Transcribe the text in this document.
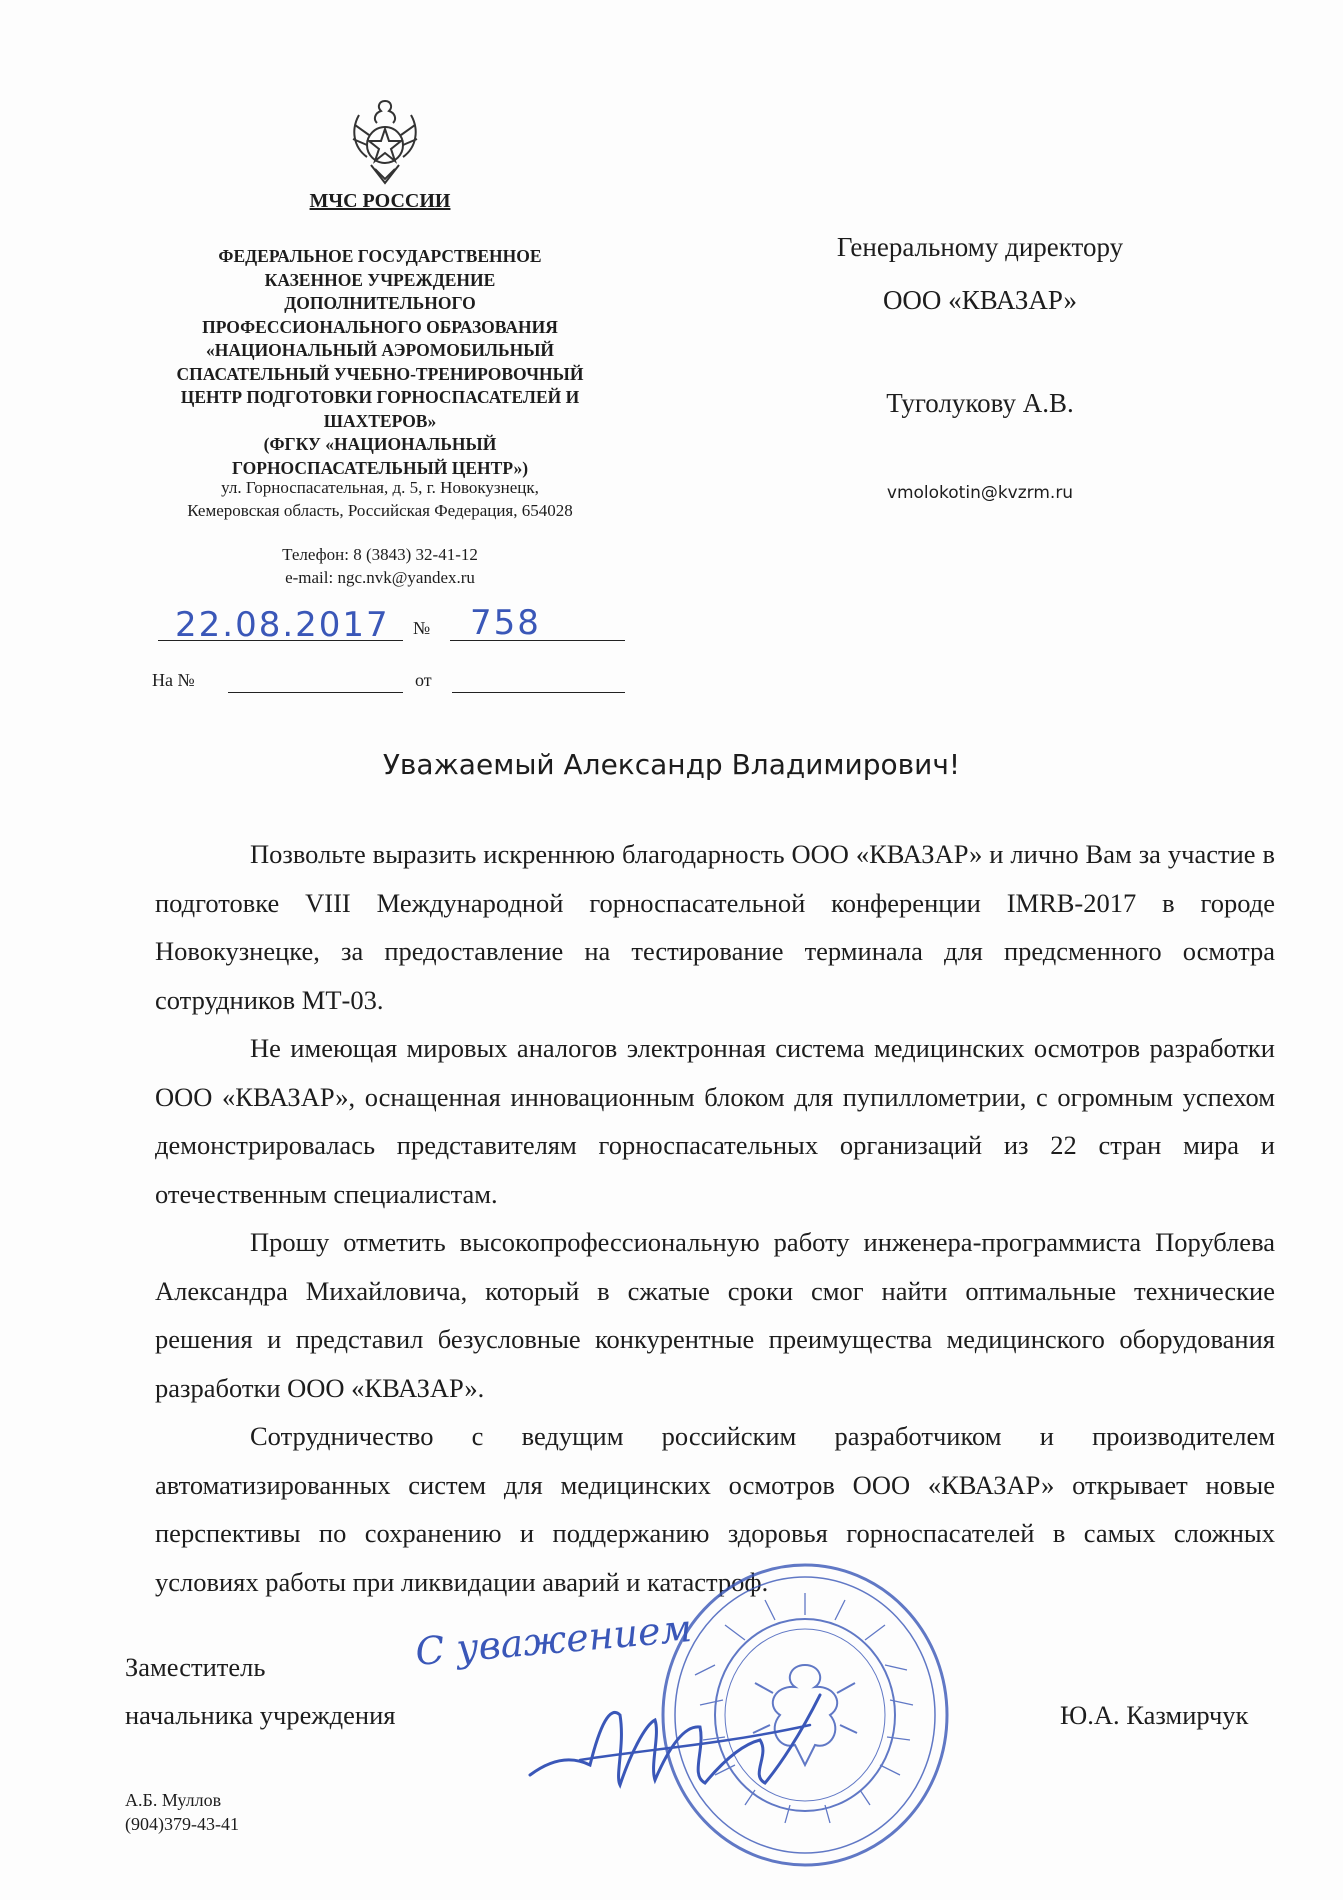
МЧС РОССИИ
ФЕДЕРАЛЬНОЕ ГОСУДАРСТВЕННОЕ
КАЗЕННОЕ УЧРЕЖДЕНИЕ
ДОПОЛНИТЕЛЬНОГО
ПРОФЕССИОНАЛЬНОГО ОБРАЗОВАНИЯ
«НАЦИОНАЛЬНЫЙ АЭРОМОБИЛЬНЫЙ
СПАСАТЕЛЬНЫЙ УЧЕБНО-ТРЕНИРОВОЧНЫЙ
ЦЕНТР ПОДГОТОВКИ ГОРНОСПАСАТЕЛЕЙ И
ШАХТЕРОВ»
(ФГКУ «НАЦИОНАЛЬНЫЙ
ГОРНОСПАСАТЕЛЬНЫЙ ЦЕНТР»)
ул. Горноспасательная, д. 5, г. Новокузнецк,
Кемеровская область, Российская Федерация, 654028
Телефон: 8 (3843) 32-41-12
e-mail: ngc.nvk@yandex.ru
22.08.2017 № 758
На №	от
Генеральному директору
ООО «КВАЗАР»
Туголукову А.В.
vmolokotin@kvzrm.ru
Уважаемый Александр Владимирович!

Позвольте выразить искреннюю благодарность ООО «КВАЗАР» и лично Вам за участие в подготовке VIII Международной горноспасательной конференции IMRB-2017 в городе Новокузнецке, за предоставление на тестирование терминала для предсменного осмотра сотрудников МТ-03.

Не имеющая мировых аналогов электронная система медицинских осмотров разработки ООО «КВАЗАР», оснащенная инновационным блоком для пупиллометрии, с огромным успехом демонстрировалась представителям горноспасательных организаций из 22 стран мира и отечественным специалистам.

Прошу отметить высокопрофессиональную работу инженера-программиста Порублева Александра Михайловича, который в сжатые сроки смог найти оптимальные технические решения и представил безусловные конкурентные преимущества медицинского оборудования разработки ООО «КВАЗАР».

Сотрудничество с ведущим российским разработчиком и производителем автоматизированных систем для медицинских осмотров ООО «КВАЗАР» открывает новые перспективы по сохранению и поддержанию здоровья горноспасателей в самых сложных условиях работы при ликвидации аварий и катастроф.

С уважением
Заместитель
начальника учреждения	Ю.А. Казмирчук
А.Б. Муллов
(904)379-43-41
